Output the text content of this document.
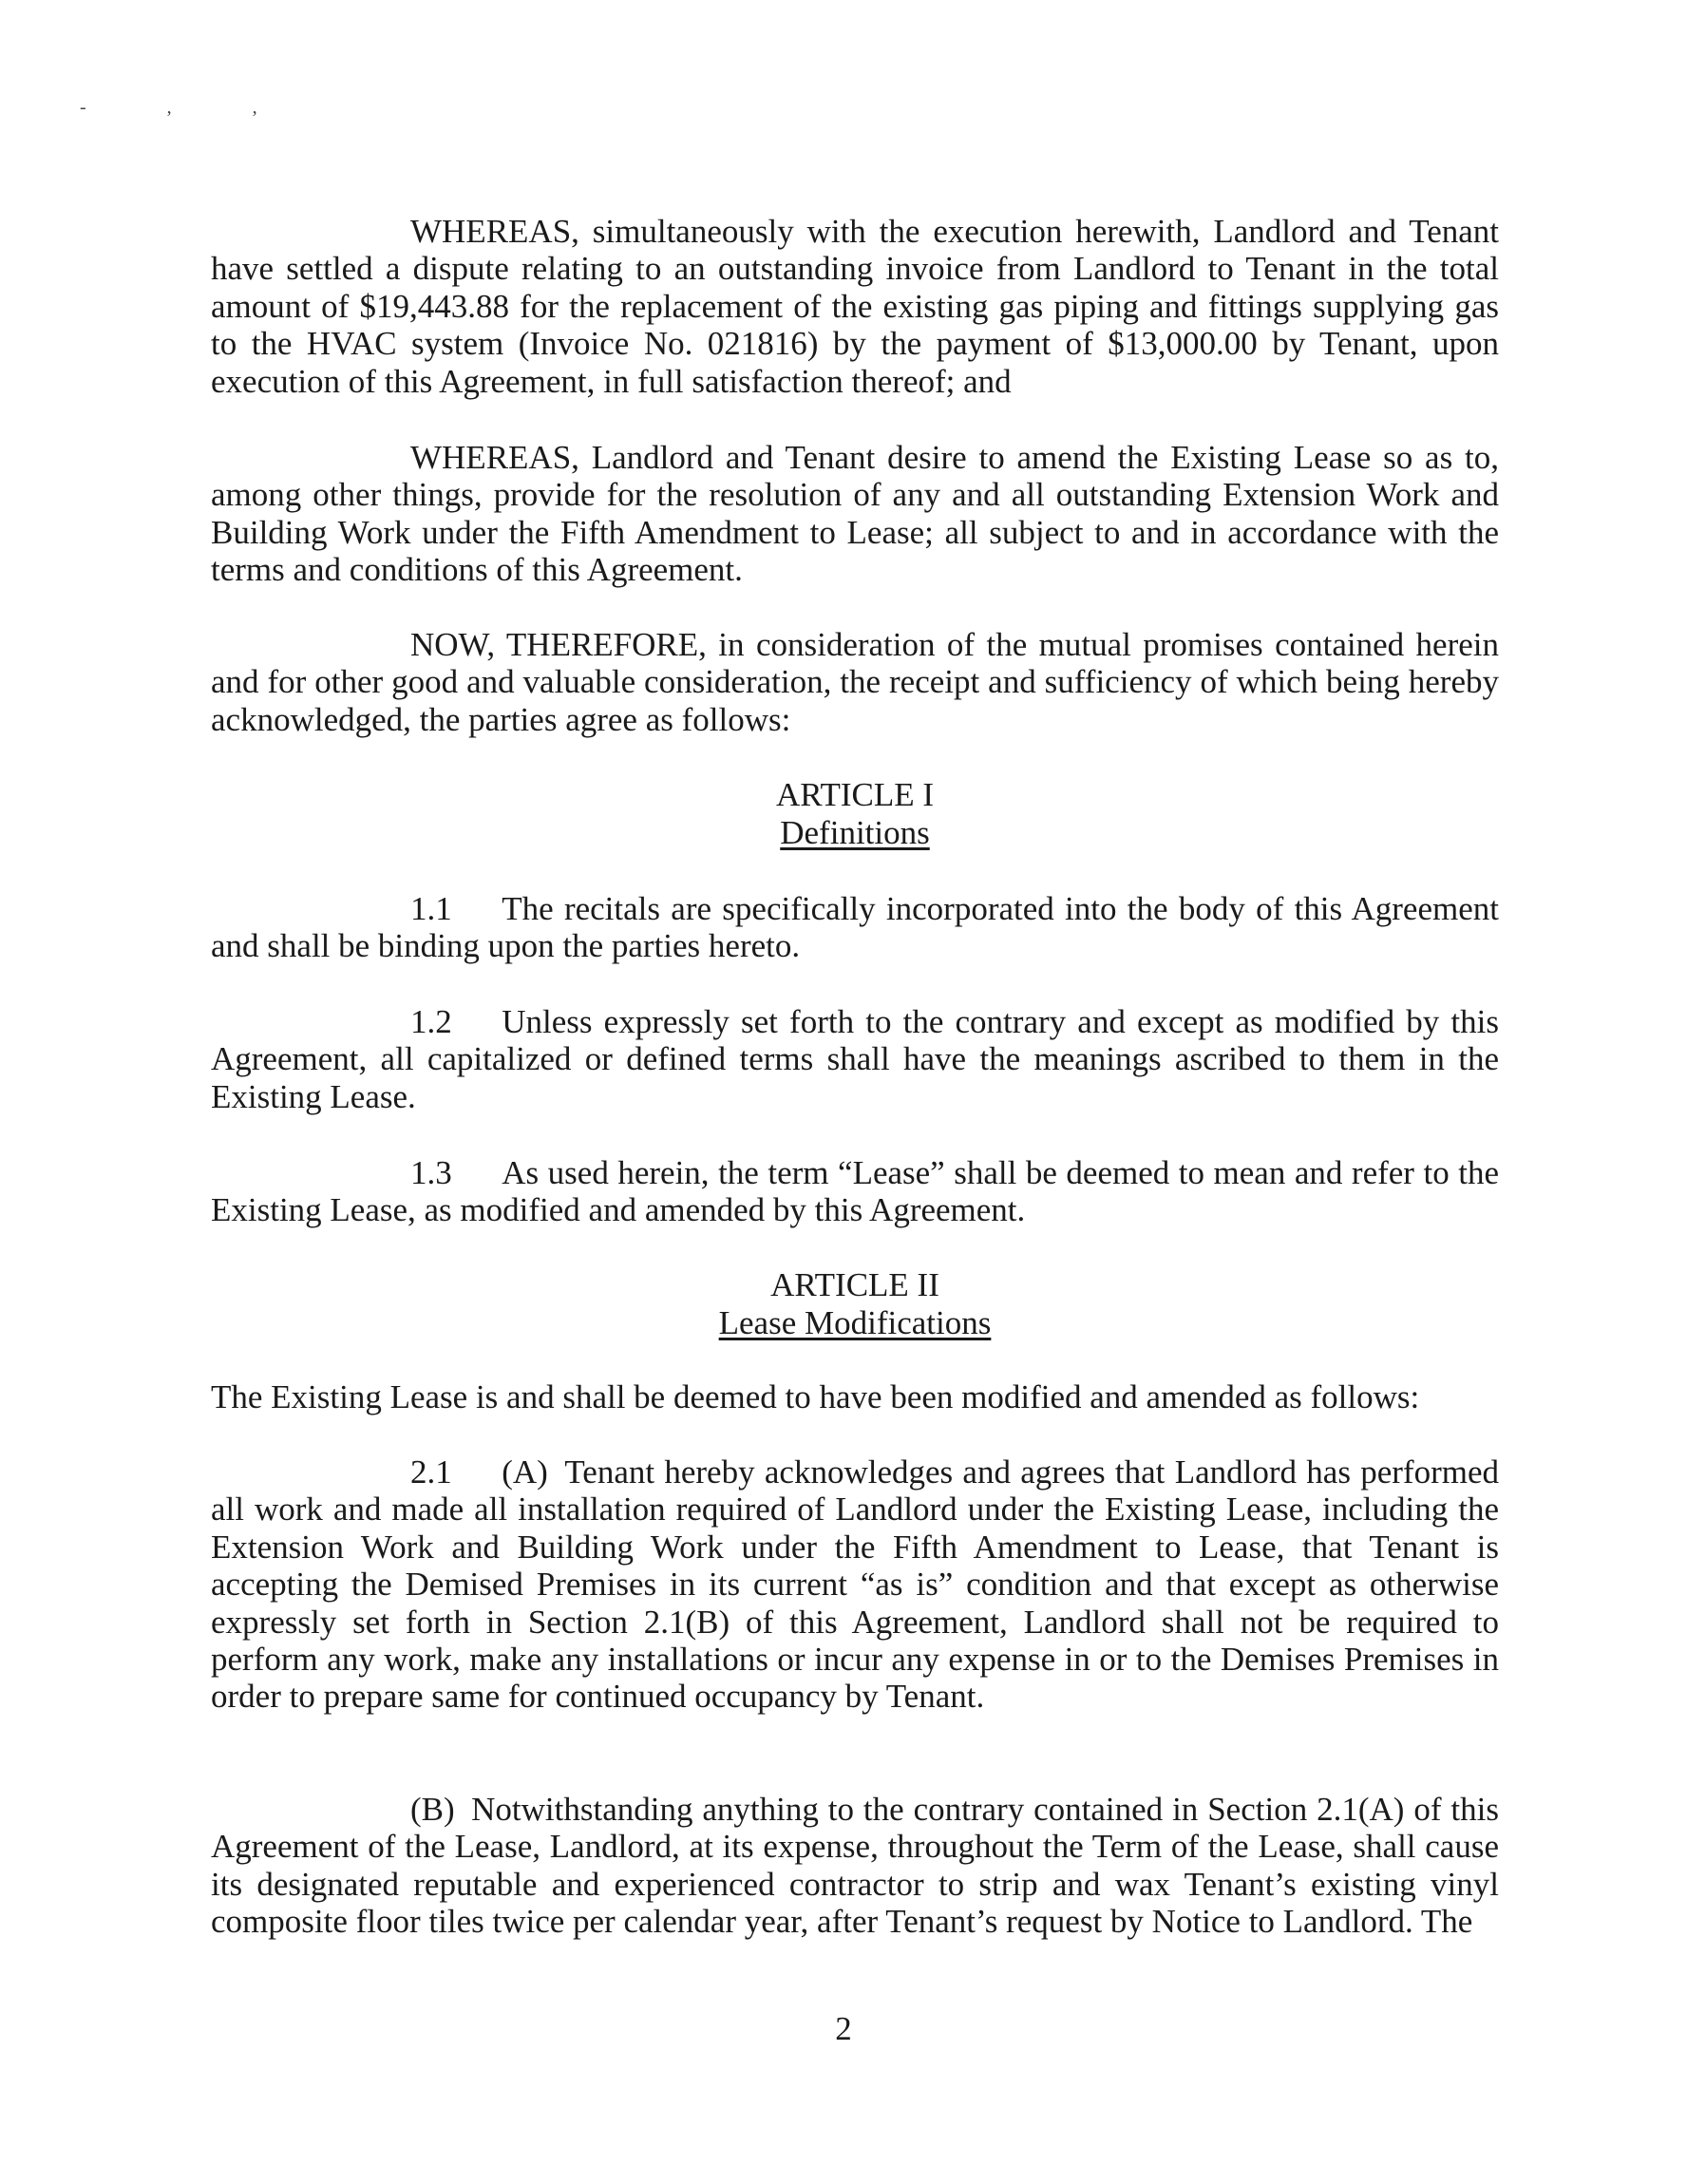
- , ,

WHEREAS, simultaneously with the execution herewith, Landlord and Tenant have settled a dispute relating to an outstanding invoice from Landlord to Tenant in the total amount of $19,443.88 for the replacement of the existing gas piping and fittings supplying gas to the HVAC system (Invoice No. 021816) by the payment of $13,000.00 by Tenant, upon execution of this Agreement, in full satisfaction thereof; and

WHEREAS, Landlord and Tenant desire to amend the Existing Lease so as to, among other things, provide for the resolution of any and all outstanding Extension Work and Building Work under the Fifth Amendment to Lease; all subject to and in accordance with the terms and conditions of this Agreement.

NOW, THEREFORE, in consideration of the mutual promises contained herein and for other good and valuable consideration, the receipt and sufficiency of which being hereby acknowledged, the parties agree as follows:

ARTICLE I
Definitions

1.1   The recitals are specifically incorporated into the body of this Agreement and shall be binding upon the parties hereto.

1.2   Unless expressly set forth to the contrary and except as modified by this Agreement, all capitalized or defined terms shall have the meanings ascribed to them in the Existing Lease.

1.3   As used herein, the term “Lease” shall be deemed to mean and refer to the Existing Lease, as modified and amended by this Agreement.

ARTICLE II
Lease Modifications

The Existing Lease is and shall be deemed to have been modified and amended as follows:

2.1   (A)  Tenant hereby acknowledges and agrees that Landlord has performed all work and made all installation required of Landlord under the Existing Lease, including the Extension Work and Building Work under the Fifth Amendment to Lease, that Tenant is accepting the Demised Premises in its current “as is” condition and that except as otherwise expressly set forth in Section 2.1(B) of this Agreement, Landlord shall not be required to perform any work, make any installations or incur any expense in or to the Demises Premises in order to prepare same for continued occupancy by Tenant.

(B)  Notwithstanding anything to the contrary contained in Section 2.1(A) of this Agreement of the Lease, Landlord, at its expense, throughout the Term of the Lease, shall cause its designated reputable and experienced contractor to strip and wax Tenant’s existing vinyl composite floor tiles twice per calendar year, after Tenant’s request by Notice to Landlord. The

2
